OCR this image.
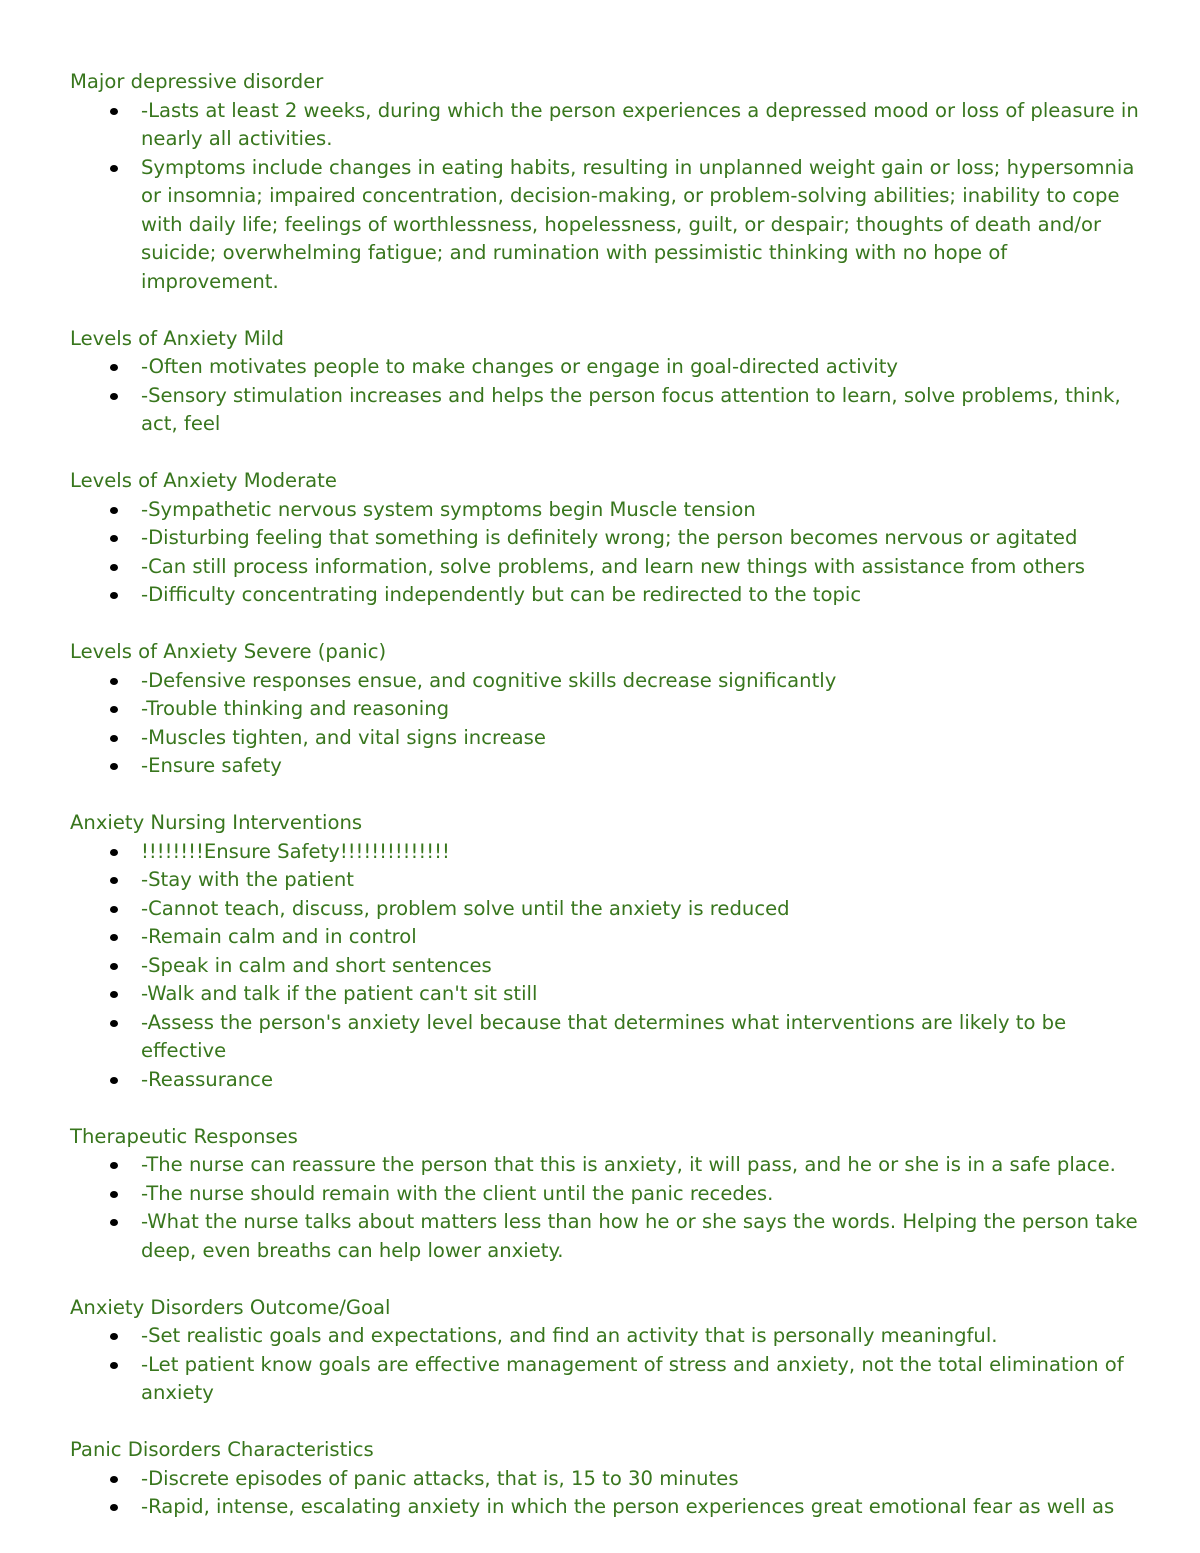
Major depressive disorder

-Lasts at least 2 weeks, during which the person experiences a depressed mood or loss of pleasure in nearly all activities.
Symptoms include changes in eating habits, resulting in unplanned weight gain or loss; hypersomnia or insomnia; impaired concentration, decision-making, or problem-solving abilities; inability to cope with daily life; feelings of worthlessness, hopelessness, guilt, or despair; thoughts of death and/or suicide; overwhelming fatigue; and rumination with pessimistic thinking with no hope of improvement.

Levels of Anxiety Mild

-Often motivates people to make changes or engage in goal-directed activity
-Sensory stimulation increases and helps the person focus attention to learn, solve problems, think, act, feel

Levels of Anxiety Moderate

-Sympathetic nervous system symptoms begin Muscle tension
-Disturbing feeling that something is definitely wrong; the person becomes nervous or agitated
-Can still process information, solve problems, and learn new things with assistance from others
-Difficulty concentrating independently but can be redirected to the topic

Levels of Anxiety Severe (panic)

-Defensive responses ensue, and cognitive skills decrease significantly
-Trouble thinking and reasoning
-Muscles tighten, and vital signs increase
-Ensure safety

Anxiety Nursing Interventions

!!!!!!!!Ensure Safety!!!!!!!!!!!!!!
-Stay with the patient
-Cannot teach, discuss, problem solve until the anxiety is reduced
-Remain calm and in control
-Speak in calm and short sentences
-Walk and talk if the patient can't sit still
-Assess the person's anxiety level because that determines what interventions are likely to be effective
-Reassurance

Therapeutic Responses

-The nurse can reassure the person that this is anxiety, it will pass, and he or she is in a safe place.
-The nurse should remain with the client until the panic recedes.
-What the nurse talks about matters less than how he or she says the words. Helping the person take deep, even breaths can help lower anxiety.

Anxiety Disorders Outcome/Goal

-Set realistic goals and expectations, and find an activity that is personally meaningful.
-Let patient know goals are effective management of stress and anxiety, not the total elimination of anxiety

Panic Disorders Characteristics

-Discrete episodes of panic attacks, that is, 15 to 30 minutes
-Rapid, intense, escalating anxiety in which the person experiences great emotional fear as well as
